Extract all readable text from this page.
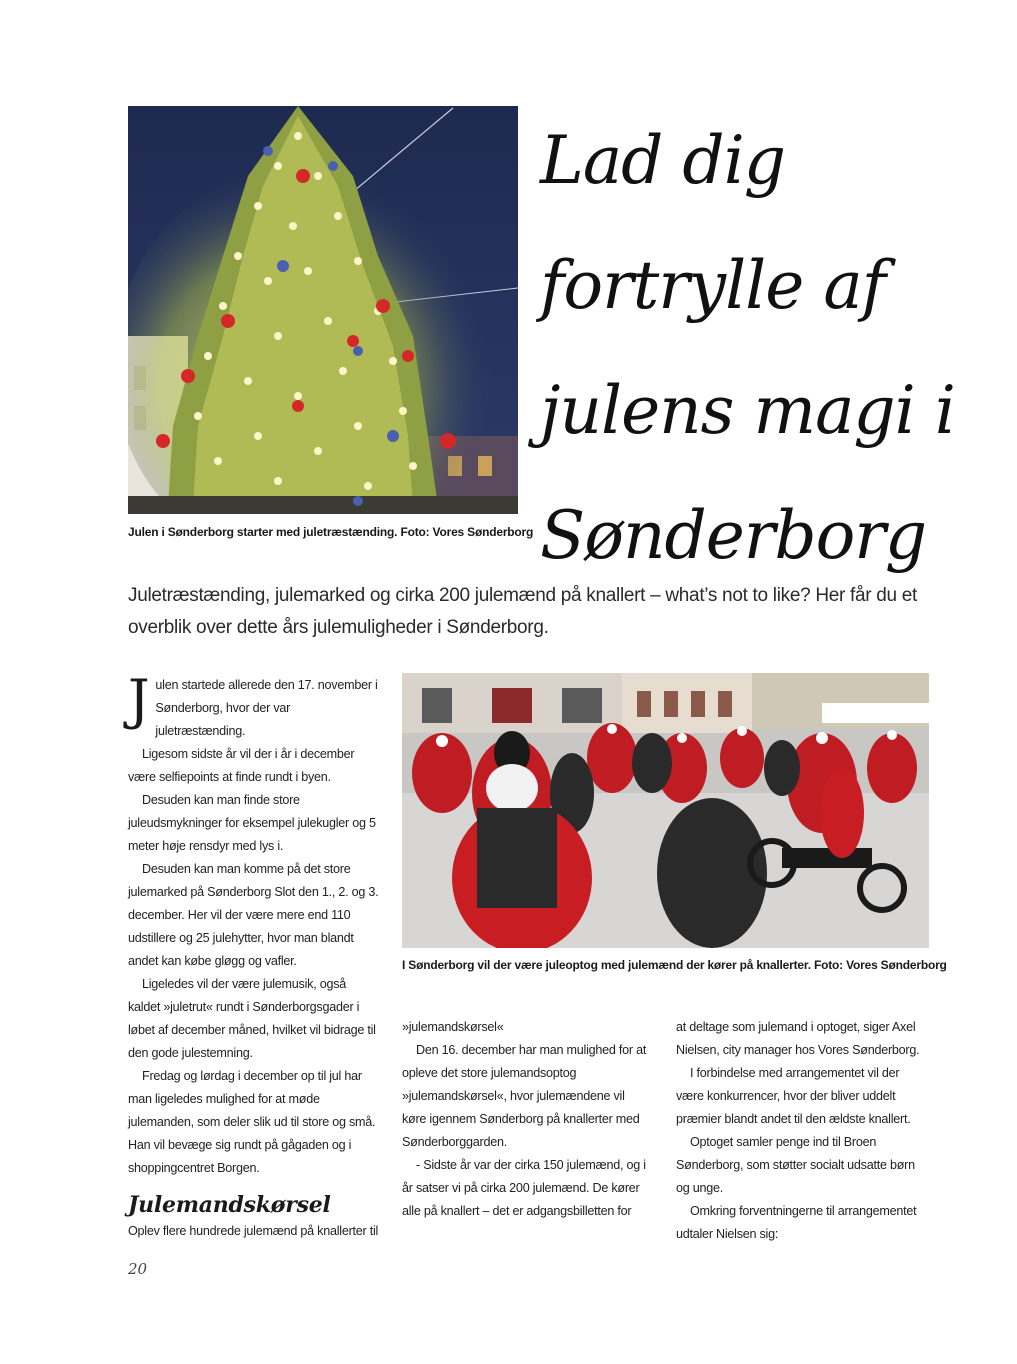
Julen i Sønderborg starter med juletræstænding. Foto: Vores Sønderborg
Lad dig
fortrylle af
julens magi i
Sønderborg

Juletræstænding, julemarked og cirka 200 julemænd på knallert – what’s not to like? Her får du et overblik over dette års julemuligheder i Sønderborg.

Julen startede allerede den 17. november i Sønderborg, hvor der var juletræstænding.

Ligesom sidste år vil der i år i december være selfiepoints at finde rundt i byen.

Desuden kan man finde store juleudsmykninger for eksempel julekugler og 5 meter høje rensdyr med lys i.

Desuden kan man komme på det store julemarked på Sønderborg Slot den 1., 2. og 3. december. Her vil der være mere end 110 udstillere og 25 julehytter, hvor man blandt andet kan købe gløgg og vafler.

Ligeledes vil der være julemusik, også kaldet »juletrut« rundt i Sønderborgsgader i løbet af december måned, hvilket vil bidrage til den gode julestemning.

Fredag og lørdag i december op til jul har man ligeledes mulighed for at møde julemanden, som deler slik ud til store og små. Han vil bevæge sig rundt på gågaden og i shoppingcentret Borgen.

Julemandskørsel

Oplev flere hundrede julemænd på knallerter til

I Sønderborg vil der være juleoptog med julemænd der kører på knallerter. Foto: Vores Sønderborg

»julemandskørsel«

Den 16. december har man mulighed for at opleve det store julemandsoptog »julemandskørsel«, hvor julemændene vil køre igennem Sønderborg på knallerter med Sønderborggarden.

- Sidste år var der cirka 150 julemænd, og i år satser vi på cirka 200 julemænd. De kører alle på knallert – det er adgangsbilletten for

at deltage som julemand i optoget, siger Axel Nielsen, city manager hos Vores Sønderborg.

I forbindelse med arrangementet vil der være konkurrencer, hvor der bliver uddelt præmier blandt andet til den ældste knallert.

Optoget samler penge ind til Broen Sønderborg, som støtter socialt udsatte børn og unge.

Omkring forventningerne til arrangementet udtaler Nielsen sig:

20
